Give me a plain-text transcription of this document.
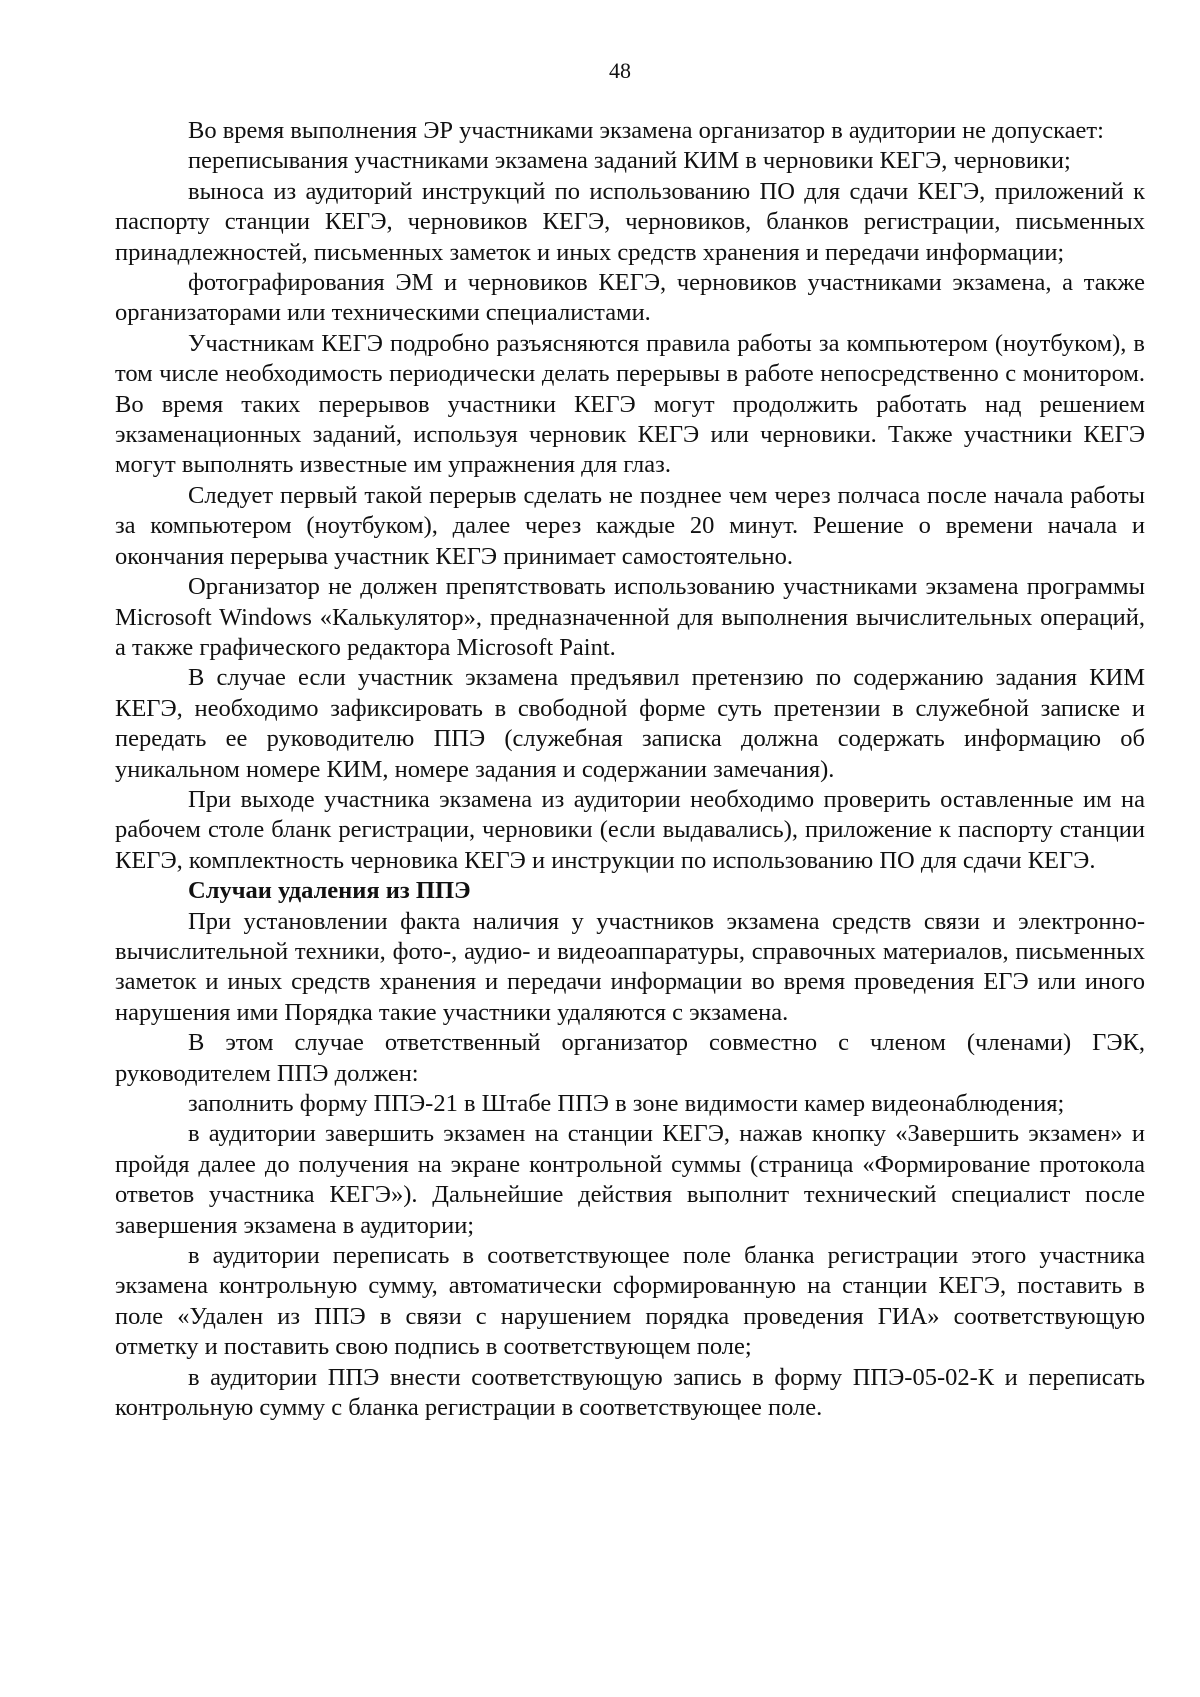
48

Во время выполнения ЭР участниками экзамена организатор в аудитории не допускает:

переписывания участниками экзамена заданий КИМ в черновики КЕГЭ, черновики;

выноса из аудиторий инструкций по использованию ПО для сдачи КЕГЭ, приложений к паспорту станции КЕГЭ, черновиков КЕГЭ, черновиков, бланков регистрации, письменных принадлежностей, письменных заметок и иных средств хранения и передачи информации;

фотографирования ЭМ и черновиков КЕГЭ, черновиков участниками экзамена, а также организаторами или техническими специалистами.

Участникам КЕГЭ подробно разъясняются правила работы за компьютером (ноутбуком), в том числе необходимость периодически делать перерывы в работе непосредственно с монитором. Во время таких перерывов участники КЕГЭ могут продолжить работать над решением экзаменационных заданий, используя черновик КЕГЭ или черновики. Также участники КЕГЭ могут выполнять известные им упражнения для глаз.

Следует первый такой перерыв сделать не позднее чем через полчаса после начала работы за компьютером (ноутбуком), далее через каждые 20 минут. Решение о времени начала и окончания перерыва участник КЕГЭ принимает самостоятельно.

Организатор не должен препятствовать использованию участниками экзамена программы Microsoft Windows «Калькулятор», предназначенной для выполнения вычислительных операций, а также графического редактора Microsoft Paint.

В случае если участник экзамена предъявил претензию по содержанию задания КИМ КЕГЭ, необходимо зафиксировать в свободной форме суть претензии в служебной записке и передать ее руководителю ППЭ (служебная записка должна содержать информацию об уникальном номере КИМ, номере задания и содержании замечания).

При выходе участника экзамена из аудитории необходимо проверить оставленные им на рабочем столе бланк регистрации, черновики (если выдавались), приложение к паспорту станции КЕГЭ, комплектность черновика КЕГЭ и инструкции по использованию ПО для сдачи КЕГЭ.

Случаи удаления из ППЭ

При установлении факта наличия у участников экзамена средств связи и электронно-вычислительной техники, фото-, аудио- и видеоаппаратуры, справочных материалов, письменных заметок и иных средств хранения и передачи информации во время проведения ЕГЭ или иного нарушения ими Порядка такие участники удаляются с экзамена.

В этом случае ответственный организатор совместно с членом (членами) ГЭК, руководителем ППЭ должен:

заполнить форму ППЭ-21 в Штабе ППЭ в зоне видимости камер видеонаблюдения;

в аудитории завершить экзамен на станции КЕГЭ, нажав кнопку «Завершить экзамен» и пройдя далее до получения на экране контрольной суммы (страница «Формирование протокола ответов участника КЕГЭ»). Дальнейшие действия выполнит технический специалист после завершения экзамена в аудитории;

в аудитории переписать в соответствующее поле бланка регистрации этого участника экзамена контрольную сумму, автоматически сформированную на станции КЕГЭ, поставить в поле «Удален из ППЭ в связи с нарушением порядка проведения ГИА» соответствующую отметку и поставить свою подпись в соответствующем поле;

в аудитории ППЭ внести соответствующую запись в форму ППЭ-05-02-К и переписать контрольную сумму с бланка регистрации в соответствующее поле.
